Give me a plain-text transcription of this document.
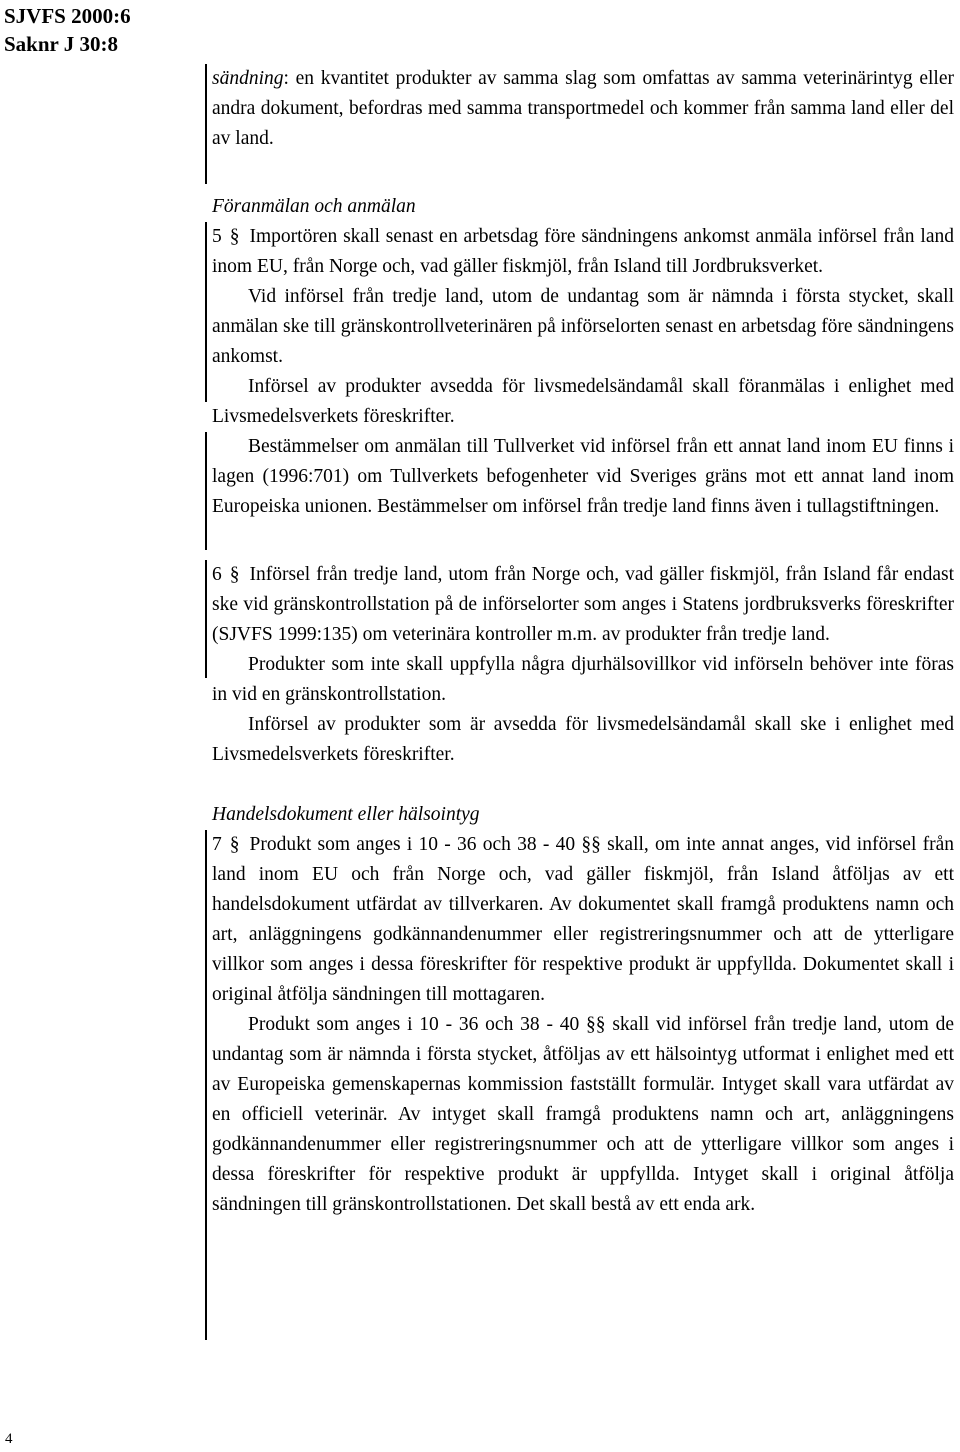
SJVFS 2000:6
Saknr J 30:8
sändning: en kvantitet produkter av samma slag som omfattas av samma veterinärintyg eller andra dokument, befordras med samma transportmedel och kommer från samma land eller del av land.

Föranmälan och anmälan

5 § Importören skall senast en arbetsdag före sändningens ankomst anmäla införsel från land inom EU, från Norge och, vad gäller fiskmjöl, från Island till Jordbruksverket.
Vid införsel från tredje land, utom de undantag som är nämnda i första stycket, skall anmälan ske till gränskontrollveterinären på införselorten senast en arbetsdag före sändningens ankomst.
Införsel av produkter avsedda för livsmedelsändamål skall föranmälas i enlighet med Livsmedelsverkets föreskrifter.
Bestämmelser om anmälan till Tullverket vid införsel från ett annat land inom EU finns i lagen (1996:701) om Tullverkets befogenheter vid Sveriges gräns mot ett annat land inom Europeiska unionen. Bestämmelser om införsel från tredje land finns även i tullagstiftningen.
6 § Införsel från tredje land, utom från Norge och, vad gäller fiskmjöl, från Island får endast ske vid gränskontrollstation på de införselorter som anges i Statens jordbruksverks föreskrifter (SJVFS 1999:135) om veterinära kontroller m.m. av produkter från tredje land.
Produkter som inte skall uppfylla några djurhälsovillkor vid införseln behöver inte föras in vid en gränskontrollstation.
Införsel av produkter som är avsedda för livsmedelsändamål skall ske i enlighet med Livsmedelsverkets föreskrifter.

Handelsdokument eller hälsointyg

7 § Produkt som anges i 10 - 36 och 38 - 40 §§ skall, om inte annat anges, vid införsel från land inom EU och från Norge och, vad gäller fiskmjöl, från Island åtföljas av ett handelsdokument utfärdat av tillverkaren. Av dokumentet skall framgå produktens namn och art, anläggningens godkännandenummer eller registreringsnummer och att de ytterligare villkor som anges i dessa föreskrifter för respektive produkt är uppfyllda. Dokumentet skall i original åtfölja sändningen till mottagaren.
Produkt som anges i 10 - 36 och 38 - 40 §§ skall vid införsel från tredje land, utom de undantag som är nämnda i första stycket, åtföljas av ett hälsointyg utformat i enlighet med ett av Europeiska gemenskapernas kommission fastställt formulär. Intyget skall vara utfärdat av en officiell veterinär. Av intyget skall framgå produktens namn och art, anläggningens godkännandenummer eller registreringsnummer och att de ytterligare villkor som anges i dessa föreskrifter för respektive produkt är uppfyllda. Intyget skall i original åtfölja sändningen till gränskontrollstationen. Det skall bestå av ett enda ark.
4
